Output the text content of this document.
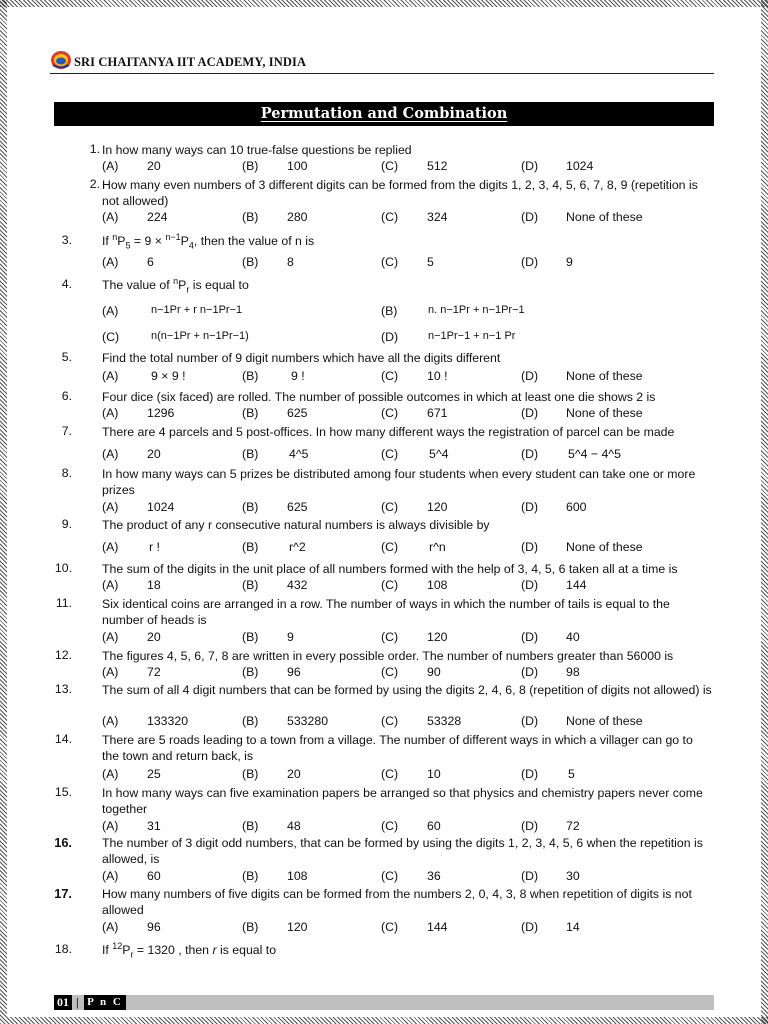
SRI CHAITANYA IIT ACADEMY, INDIA
Permutation and Combination
1. In how many ways can 10 true-false questions be replied
(A) 20	(B) 100	(C) 512	(D) 1024
2. How many even numbers of 3 different digits can be formed from the digits 1, 2, 3, 4, 5, 6, 7, 8, 9 (repetition is not allowed)
(A) 224	(B) 280	(C) 324	(D) None of these
3. If $^nP_5 = 9 \times ^{n-1}P_4$, then the value of n is
(A) 6	(B) 8	(C) 5	(D) 9
4. The value of $^nP_r$ is equal to
(A)	n−1Pr + r n−1Pr−1	(B)	n. n−1Pr + n−1Pr−1
(C)	n(n−1Pr + n−1Pr−1)	(D)	n−1Pr−1 + n−1 Pr
5. Find the total number of 9 digit numbers which have all the digits different
(A)	9 × 9 !	(B)	9 !	(C) 10 !	(D) None of these
6. Four dice (six faced) are rolled. The number of possible outcomes in which at least one die shows 2 is
(A) 1296	(B) 625	(C) 671	(D) None of these
7. There are 4 parcels and 5 post-offices. In how many different ways the registration of parcel can be made
(A) 20	(B) 4^5	(C)	5^4	(D) 5^4 − 4^5
8. In how many ways can 5 prizes be distributed among four students when every student can take one or more prizes
(A) 1024	(B) 625	(C) 120	(D) 600
9. The product of any r consecutive natural numbers is always divisible by
(A) r !	(B) r^2	(C)	r^n	(D) None of these
10. The sum of the digits in the unit place of all numbers formed with the help of 3, 4, 5, 6 taken all at a time is
(A) 18	(B) 432	(C) 108	(D) 144
11. Six identical coins are arranged in a row. The number of ways in which the number of tails is equal to the number of heads is
(A) 20	(B) 9	(C) 120	(D) 40
12. The figures 4, 5, 6, 7, 8 are written in every possible order. The number of numbers greater than 56000 is
(A) 72	(B) 96	(C) 90	(D) 98
13. The sum of all 4 digit numbers that can be formed by using the digits 2, 4, 6, 8 (repetition of digits not allowed) is
(A) 133320	(B) 533280	(C) 53328	(D) None of these
14. There are 5 roads leading to a town from a village. The number of different ways in which a villager can go to the town and return back, is
(A) 25	(B) 20	(C) 10	(D) 5
15. In how many ways can five examination papers be arranged so that physics and chemistry papers never come together
(A) 31	(B) 48	(C) 60	(D) 72
16. The number of 3 digit odd numbers, that can be formed by using the digits 1, 2, 3, 4, 5, 6 when the repetition is allowed, is
(A) 60	(B) 108	(C) 36	(D) 30
17. How many numbers of five digits can be formed from the numbers 2, 0, 4, 3, 8 when repetition of digits is not allowed
(A) 96	(B) 120	(C) 144	(D) 14
18. If $^{12}P_r = 1320$ , then r is equal to
01 | P n C
